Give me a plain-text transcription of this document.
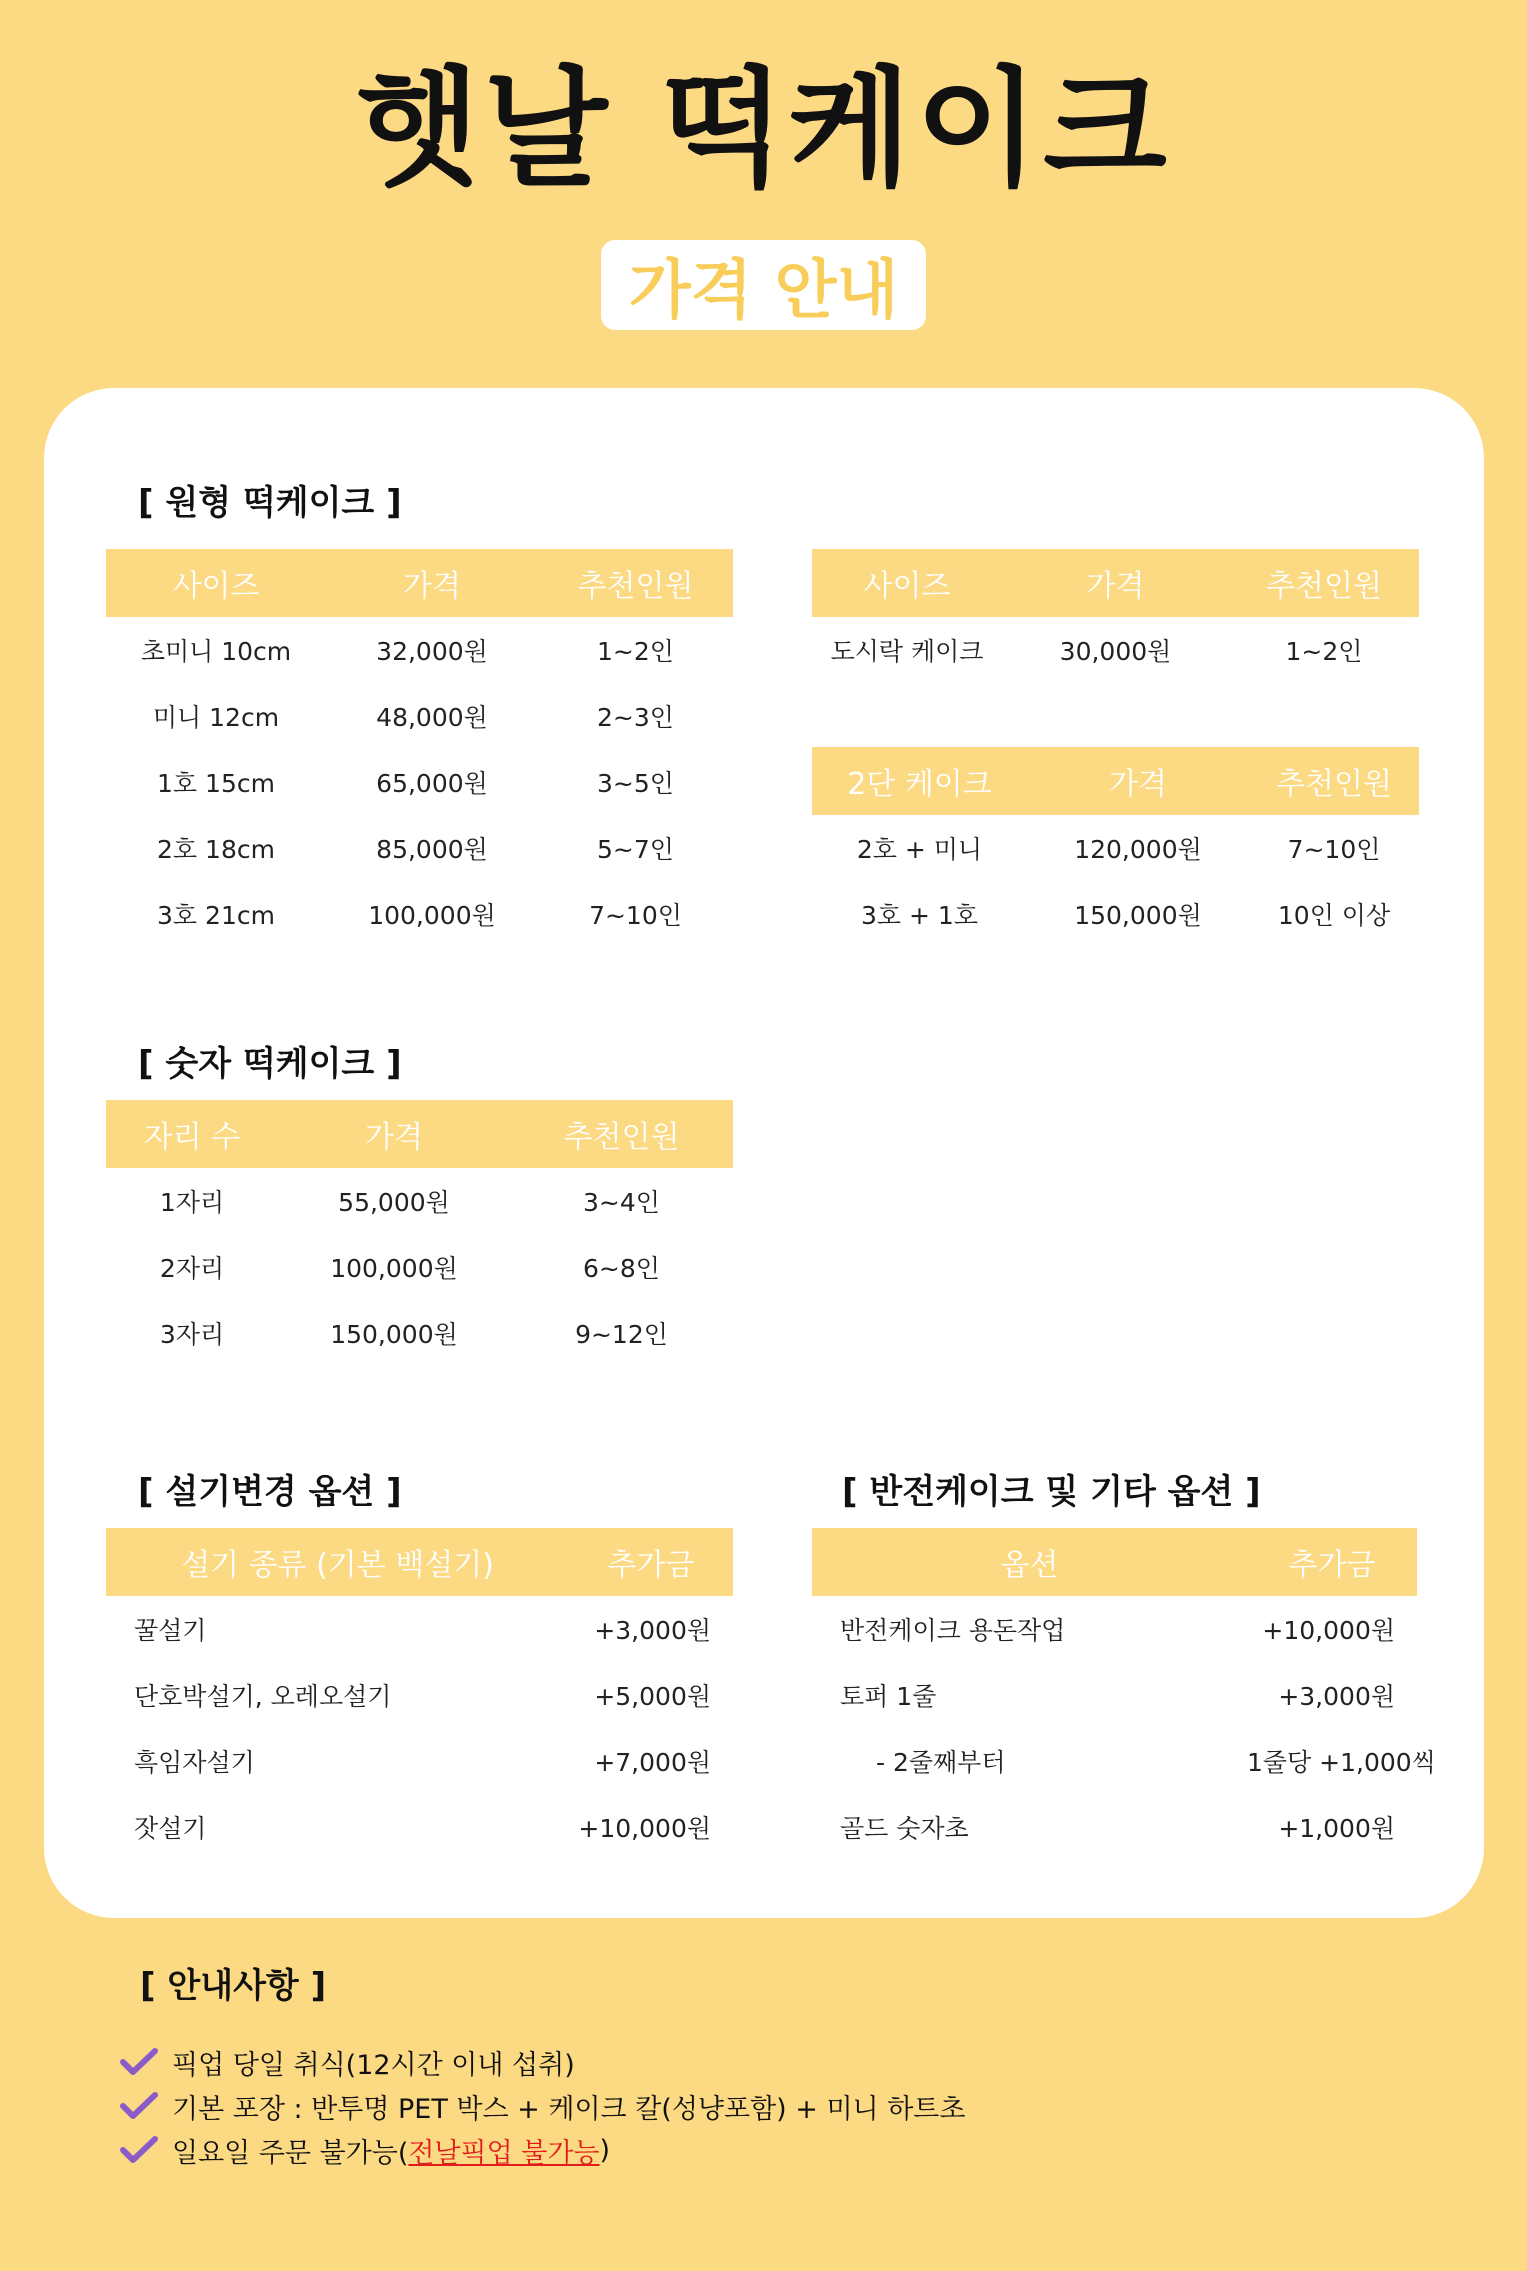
햇날 떡케이크
가격 안내
[ 원형 떡케이크 ]
사이즈	가격	추천인원
초미니 10cm	32,000원	1~2인
미니 12cm	48,000원	2~3인
1호 15cm	65,000원	3~5인
2호 18cm	85,000원	5~7인
3호 21cm	100,000원	7~10인
사이즈	가격	추천인원
도시락 케이크	30,000원	1~2인
2단 케이크	가격	추천인원
2호 + 미니	120,000원	7~10인
3호 + 1호	150,000원	10인 이상
[ 숫자 떡케이크 ]
자리 수	가격	추천인원
1자리	55,000원	3~4인
2자리	100,000원	6~8인
3자리	150,000원	9~12인
[ 설기변경 옵션 ]
설기 종류 (기본 백설기)	추가금
꿀설기	+3,000원
단호박설기, 오레오설기	+5,000원
흑임자설기	+7,000원
잣설기	+10,000원
[ 반전케이크 및 기타 옵션 ]
옵션	추가금
반전케이크 용돈작업	+10,000원
토퍼 1줄	+3,000원
- 2줄째부터	1줄당 +1,000씩
골드 숫자초	+1,000원
[ 안내사항 ]
픽업 당일 취식(12시간 이내 섭취)
기본 포장 : 반투명 PET 박스 + 케이크 칼(성냥포함) + 미니 하트초
일요일 주문 불가능( 전날픽업 불가능 )
